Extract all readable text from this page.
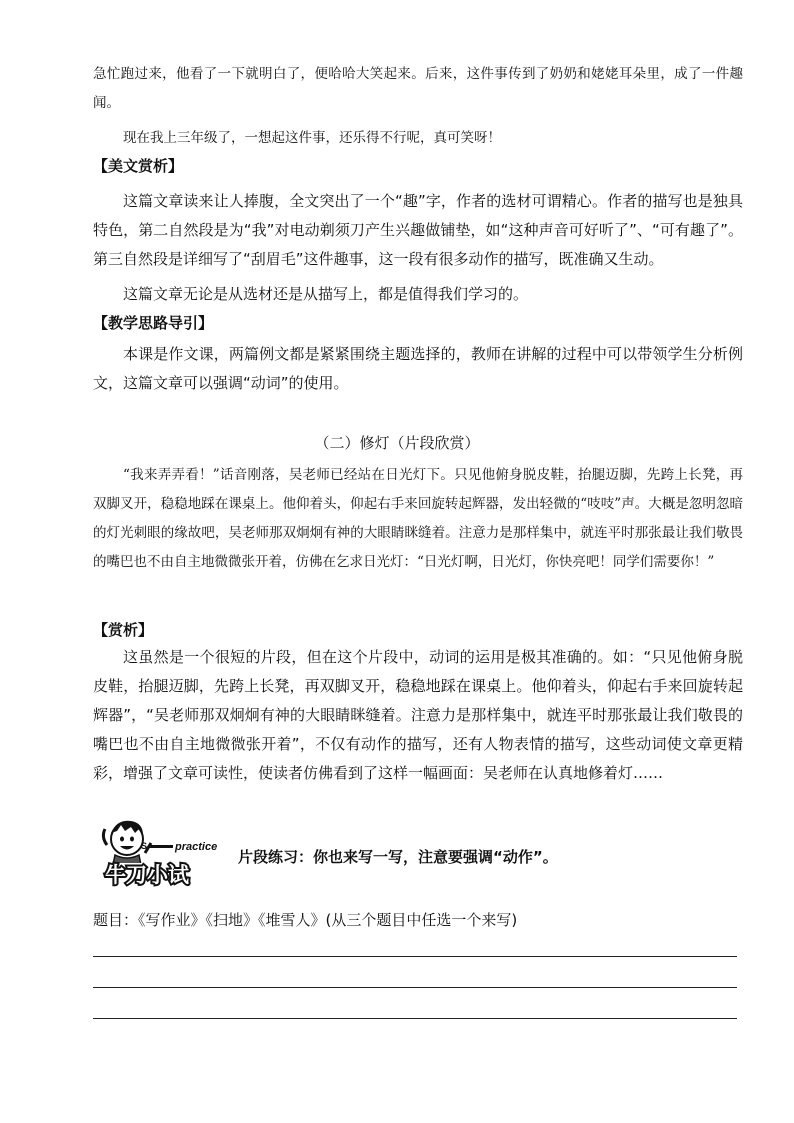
急忙跑过来，他看了一下就明白了，便哈哈大笑起来。后来，这件事传到了奶奶和姥姥耳朵里，成了一件趣闻。

现在我上三年级了，一想起这件事，还乐得不行呢，真可笑呀！

【美文赏析】

这篇文章读来让人捧腹，全文突出了一个“趣”字，作者的选材可谓精心。作者的描写也是独具特色，第二自然段是为“我”对电动剃须刀产生兴趣做铺垫，如“这种声音可好听了”、“可有趣了”。第三自然段是详细写了“刮眉毛”这件趣事，这一段有很多动作的描写，既准确又生动。

这篇文章无论是从选材还是从描写上，都是值得我们学习的。

【教学思路导引】

本课是作文课，两篇例文都是紧紧围绕主题选择的，教师在讲解的过程中可以带领学生分析例文，这篇文章可以强调“动词”的使用。

（二）修灯（片段欣赏）

“我来弄弄看！”话音刚落，吴老师已经站在日光灯下。只见他俯身脱皮鞋，抬腿迈脚，先跨上长凳，再双脚叉开，稳稳地踩在课桌上。他仰着头，仰起右手来回旋转起辉器，发出轻微的“吱吱”声。大概是忽明忽暗的灯光刺眼的缘故吧，吴老师那双炯炯有神的大眼睛眯缝着。注意力是那样集中，就连平时那张最让我们敬畏的嘴巴也不由自主地微微张开着，仿佛在乞求日光灯：“日光灯啊，日光灯，你快亮吧！同学们需要你！”

【赏析】

这虽然是一个很短的片段，但在这个片段中，动词的运用是极其准确的。如：“只见他俯身脱皮鞋，抬腿迈脚，先跨上长凳，再双脚叉开，稳稳地踩在课桌上。他仰着头，仰起右手来回旋转起辉器”，“吴老师那双炯炯有神的大眼睛眯缝着。注意力是那样集中，就连平时那张最让我们敬畏的嘴巴也不由自主地微微张开着”，不仅有动作的描写，还有人物表情的描写，这些动词使文章更精彩，增强了文章可读性，使读者仿佛看到了这样一幅画面：吴老师在认真地修着灯……

S	practice
牛刀小试

片段练习：你也来写一写，注意要强调“动作”。

题目：《写作业》《扫地》《堆雪人》(从三个题目中任选一个来写)
